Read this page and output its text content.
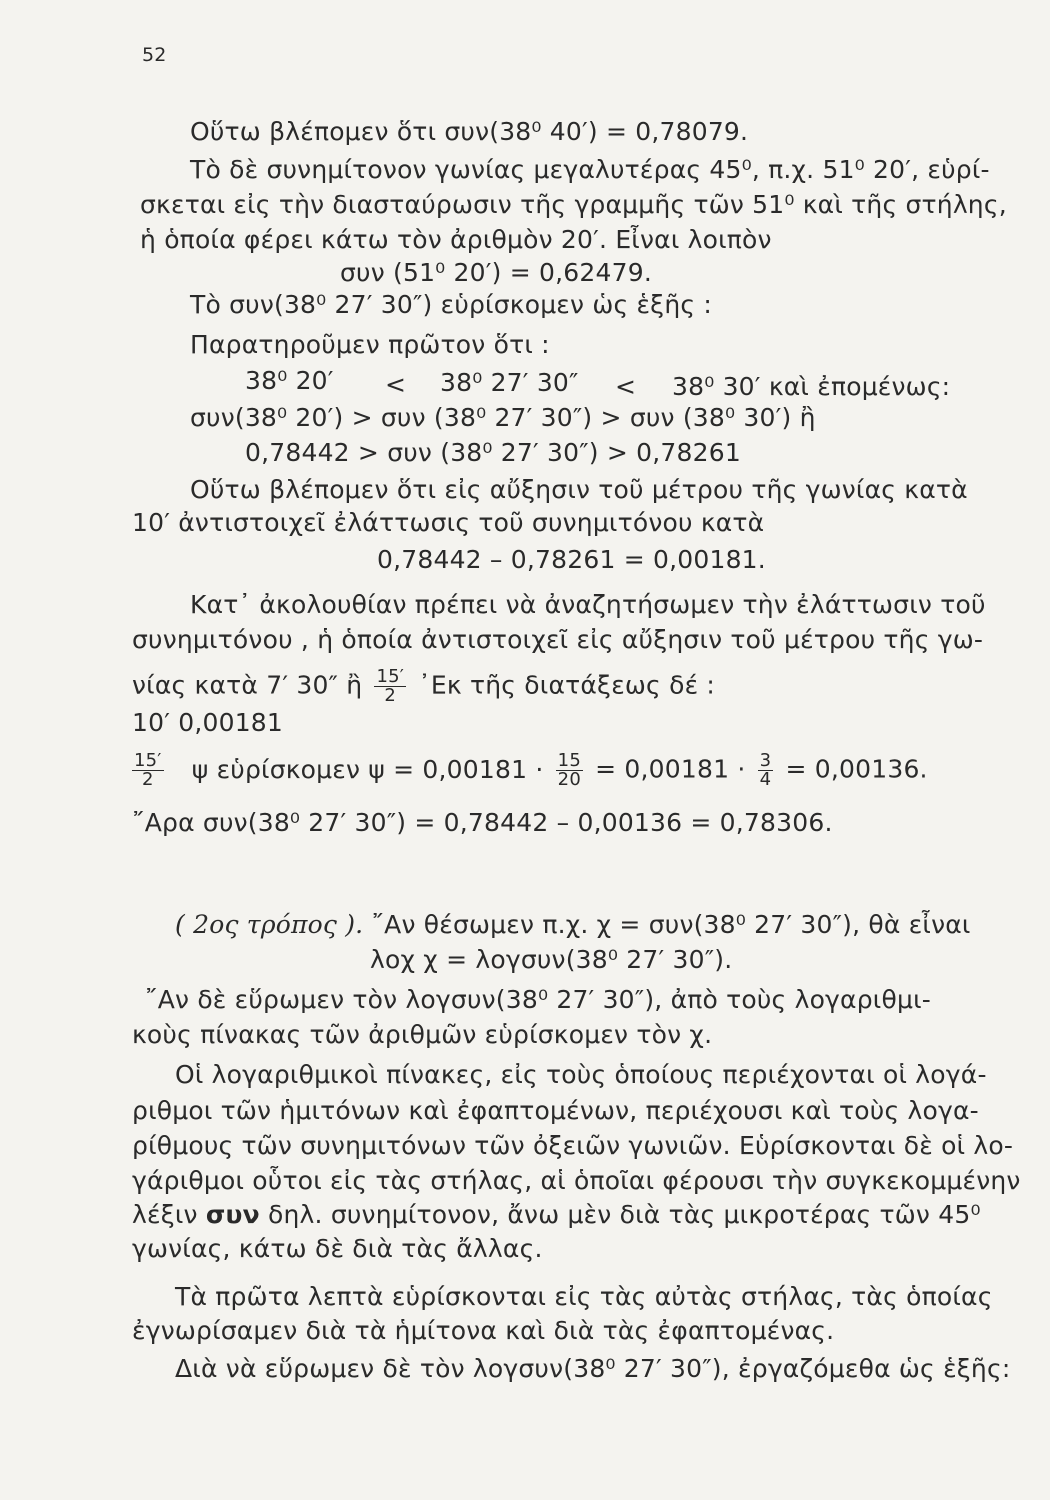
52
Οὕτω βλέπομεν ὅτι συν(38⁰ 40′) = 0,78079.
Τὸ δὲ συνημίτονον γωνίας μεγαλυτέρας 45⁰, π.χ. 51⁰ 20′, εὑρί-
σκεται εἰς τὴν διασταύρωσιν τῆς γραμμῆς τῶν 51⁰ καὶ τῆς στήλης,
ἡ ὁποία φέρει κάτω τὸν ἀριθμὸν 20′. Εἶναι λοιπὸν
συν (51⁰ 20′) = 0,62479.
Τὸ συν(38⁰ 27′ 30″) εὑρίσκομεν ὡς ἑξῆς :
Παρατηροῦμεν πρῶτον ὅτι :
38⁰ 20′ < 38⁰ 27′ 30″ < 38⁰ 30′ καὶ ἐπομένως:
συν(38⁰ 20′) > συν (38⁰ 27′ 30″) > συν (38⁰ 30′) ἢ
0,78442 > συν (38⁰ 27′ 30″) > 0,78261
Οὕτω βλέπομεν ὅτι εἰς αὔξησιν τοῦ μέτρου τῆς γωνίας κατὰ
10′ ἀντιστοιχεῖ ἐλάττωσις τοῦ συνημιτόνου κατὰ
0,78442 – 0,78261 = 0,00181.
Κατ᾽ ἀκολουθίαν πρέπει νὰ ἀναζητήσωμεν τὴν ἐλάττωσιν τοῦ
συνημιτόνου , ἡ ὁποία ἀντιστοιχεῖ εἰς αὔξησιν τοῦ μέτρου τῆς γω-
νίας κατὰ 7′ 30″ ἢ $\frac{15'}{2}$ ᾿Εκ τῆς διατάξεως δέ :
10′ 0,00181
$\frac{15'}{2}$ ψ εὑρίσκομεν $\psi = 0,00181 \cdot \frac{15}{20} = 0,00181 \cdot \frac{3}{4} = 0,00136$.
῎Αρα συν(38⁰ 27′ 30″) = 0,78442 – 0,00136 = 0,78306.
( 2ος τρόπος ). ῎Αν θέσωμεν π.χ. χ = συν(38⁰ 27′ 30″), θὰ εἶναι
λοχ χ = λογσυν(38⁰ 27′ 30″).
῎Αν δὲ εὕρωμεν τὸν λογσυν(38⁰ 27′ 30″), ἀπὸ τοὺς λογαριθμι-
κοὺς πίνακας τῶν ἀριθμῶν εὑρίσκομεν τὸν χ.
Οἱ λογαριθμικοὶ πίνακες, εἰς τοὺς ὁποίους περιέχονται οἱ λογά-
ριθμοι τῶν ἡμιτόνων καὶ ἐφαπτομένων, περιέχουσι καὶ τοὺς λογα-
ρίθμους τῶν συνημιτόνων τῶν ὀξειῶν γωνιῶν. Εὑρίσκονται δὲ οἱ λο-
γάριθμοι οὗτοι εἰς τὰς στήλας, αἱ ὁποῖαι φέρουσι τὴν συγκεκομμένην
λέξιν συν δηλ. συνημίτονον, ἄνω μὲν διὰ τὰς μικροτέρας τῶν 45⁰
γωνίας, κάτω δὲ διὰ τὰς ἄλλας.
Τὰ πρῶτα λεπτὰ εὑρίσκονται εἰς τὰς αὐτὰς στήλας, τὰς ὁποίας
ἐγνωρίσαμεν διὰ τὰ ἡμίτονα καὶ διὰ τὰς ἐφαπτομένας.
Διὰ νὰ εὕρωμεν δὲ τὸν λογσυν(38⁰ 27′ 30″), ἐργαζόμεθα ὡς ἑξῆς:
